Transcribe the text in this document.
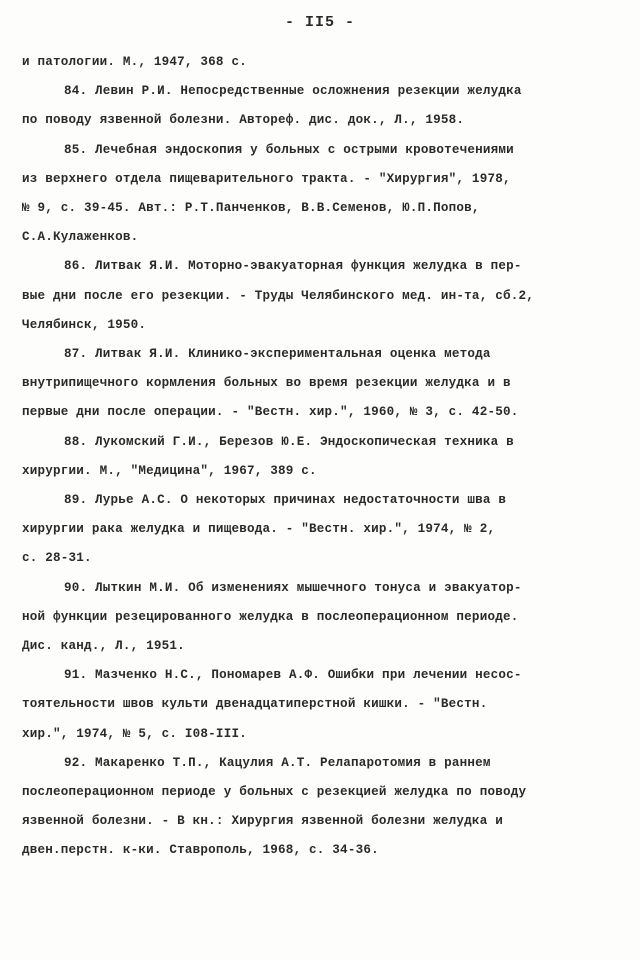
- II5 -
и патологии. М., 1947, 368 с.
84. Левин Р.И. Непосредственные осложнения резекции желудка
по поводу язвенной болезни. Автореф. дис. док., Л., 1958.
85. Лечебная эндоскопия у больных с острыми кровотечениями
из верхнего отдела пищеварительного тракта. - "Хирургия", 1978,
№ 9, с. 39-45. Авт.: Р.Т.Панченков, В.В.Семенов, Ю.П.Попов,
С.А.Кулаженков.
86. Литвак Я.И. Моторно-эвакуаторная функция желудка в пер-
вые дни после его резекции. - Труды Челябинского мед. ин-та, сб.2,
Челябинск, 1950.
87. Литвак Я.И. Клинико-экспериментальная оценка метода
внутрипищечного кормления больных во время резекции желудка и в
первые дни после операции. - "Вестн. хир.", 1960, № 3, с. 42-50.
88. Лукомский Г.И., Березов Ю.Е. Эндоскопическая техника в
хирургии. М., "Медицина", 1967, 389 с.
89. Лурье А.С. О некоторых причинах недостаточности шва в
хирургии рака желудка и пищевода. - "Вестн. хир.", 1974, № 2,
с. 28-31.
90. Лыткин М.И. Об изменениях мышечного тонуса и эвакуатор-
ной функции резецированного желудка в послеоперационном периоде.
Дис. канд., Л., 1951.
91. Мазченко Н.С., Пономарев А.Ф. Ошибки при лечении несос-
тоятельности швов культи двенадцатиперстной кишки. - "Вестн.
хир.", 1974, № 5, с. I08-III.
92. Макаренко Т.П., Кацулия А.Т. Релапаротомия в раннем
послеоперационном периоде у больных с резекцией желудка по поводу
язвенной болезни. - В кн.: Хирургия язвенной болезни желудка и
двен.перстн. к-ки. Ставрополь, 1968, с. 34-36.
